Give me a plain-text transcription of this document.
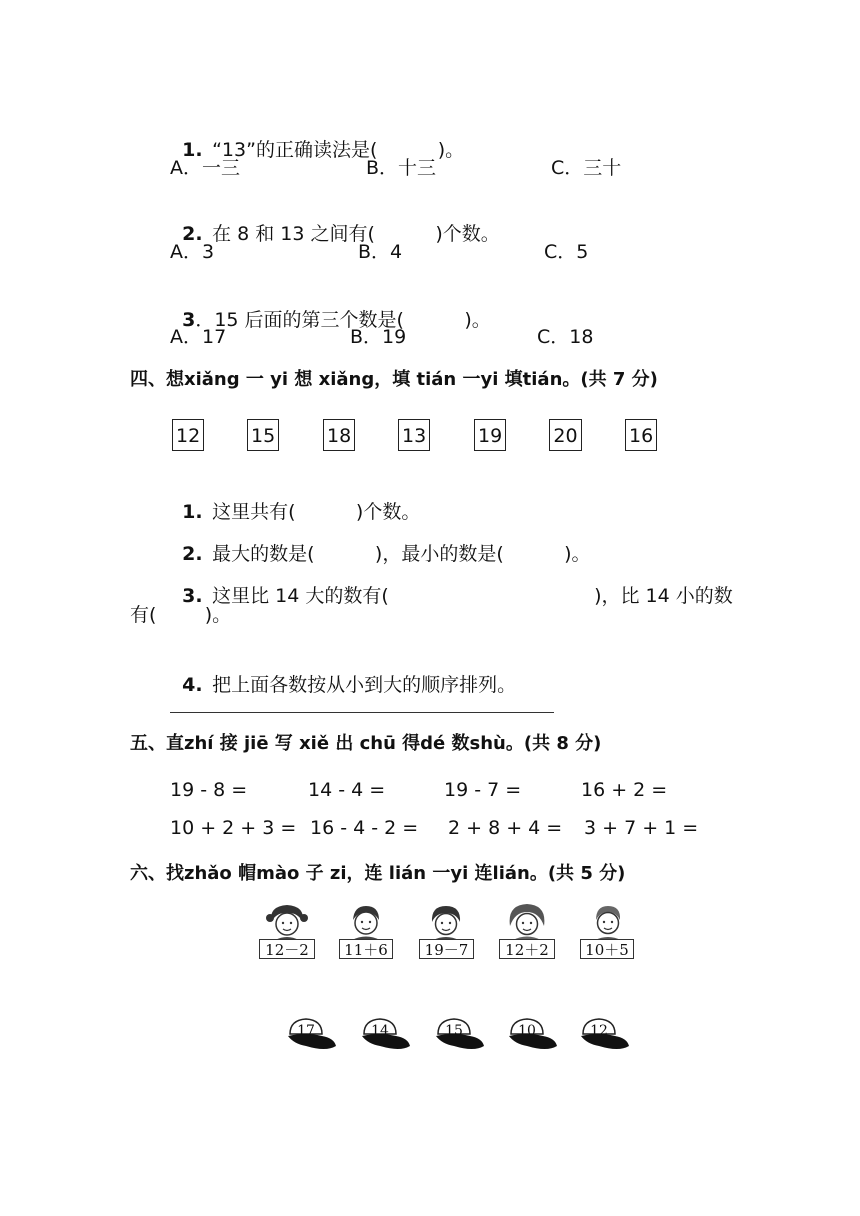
1. “13”的正确读法是(          )。

A．一三	B．十三	C．三十

2. 在 8 和 13 之间有(          )个数。

A．3	B．4	C．5

3．15 后面的第三个数是(          )。

A．17	B．19	C．18
四、想xiǎng 一 yi 想 xiǎng，填 tián 一yi 填tián。(共 7 分)
12	15	18	13	19	20	16

1. 这里共有(          )个数。

2. 最大的数是(          )，最小的数是(          )。

3. 这里比 14 大的数有(                                  )，比 14 小的数

有(        )。

4. 把上面各数按从小到大的顺序排列。

五、直zhí 接 jiē 写 xiě 出 chū 得dé 数shù。(共 8 分)
19 - 8 =	14 - 4 =	19 - 7 =	16 + 2 =
10 + 2 + 3 = 16 - 4 - 2 = 2 + 8 + 4 = 3 + 7 + 1 =
六、找zhǎo 帽mào 子 zi，连 lián 一yi 连lián。(共 5 分)
12－2	11＋6	19－7	12＋2	10＋5
17	14	15	10	12
